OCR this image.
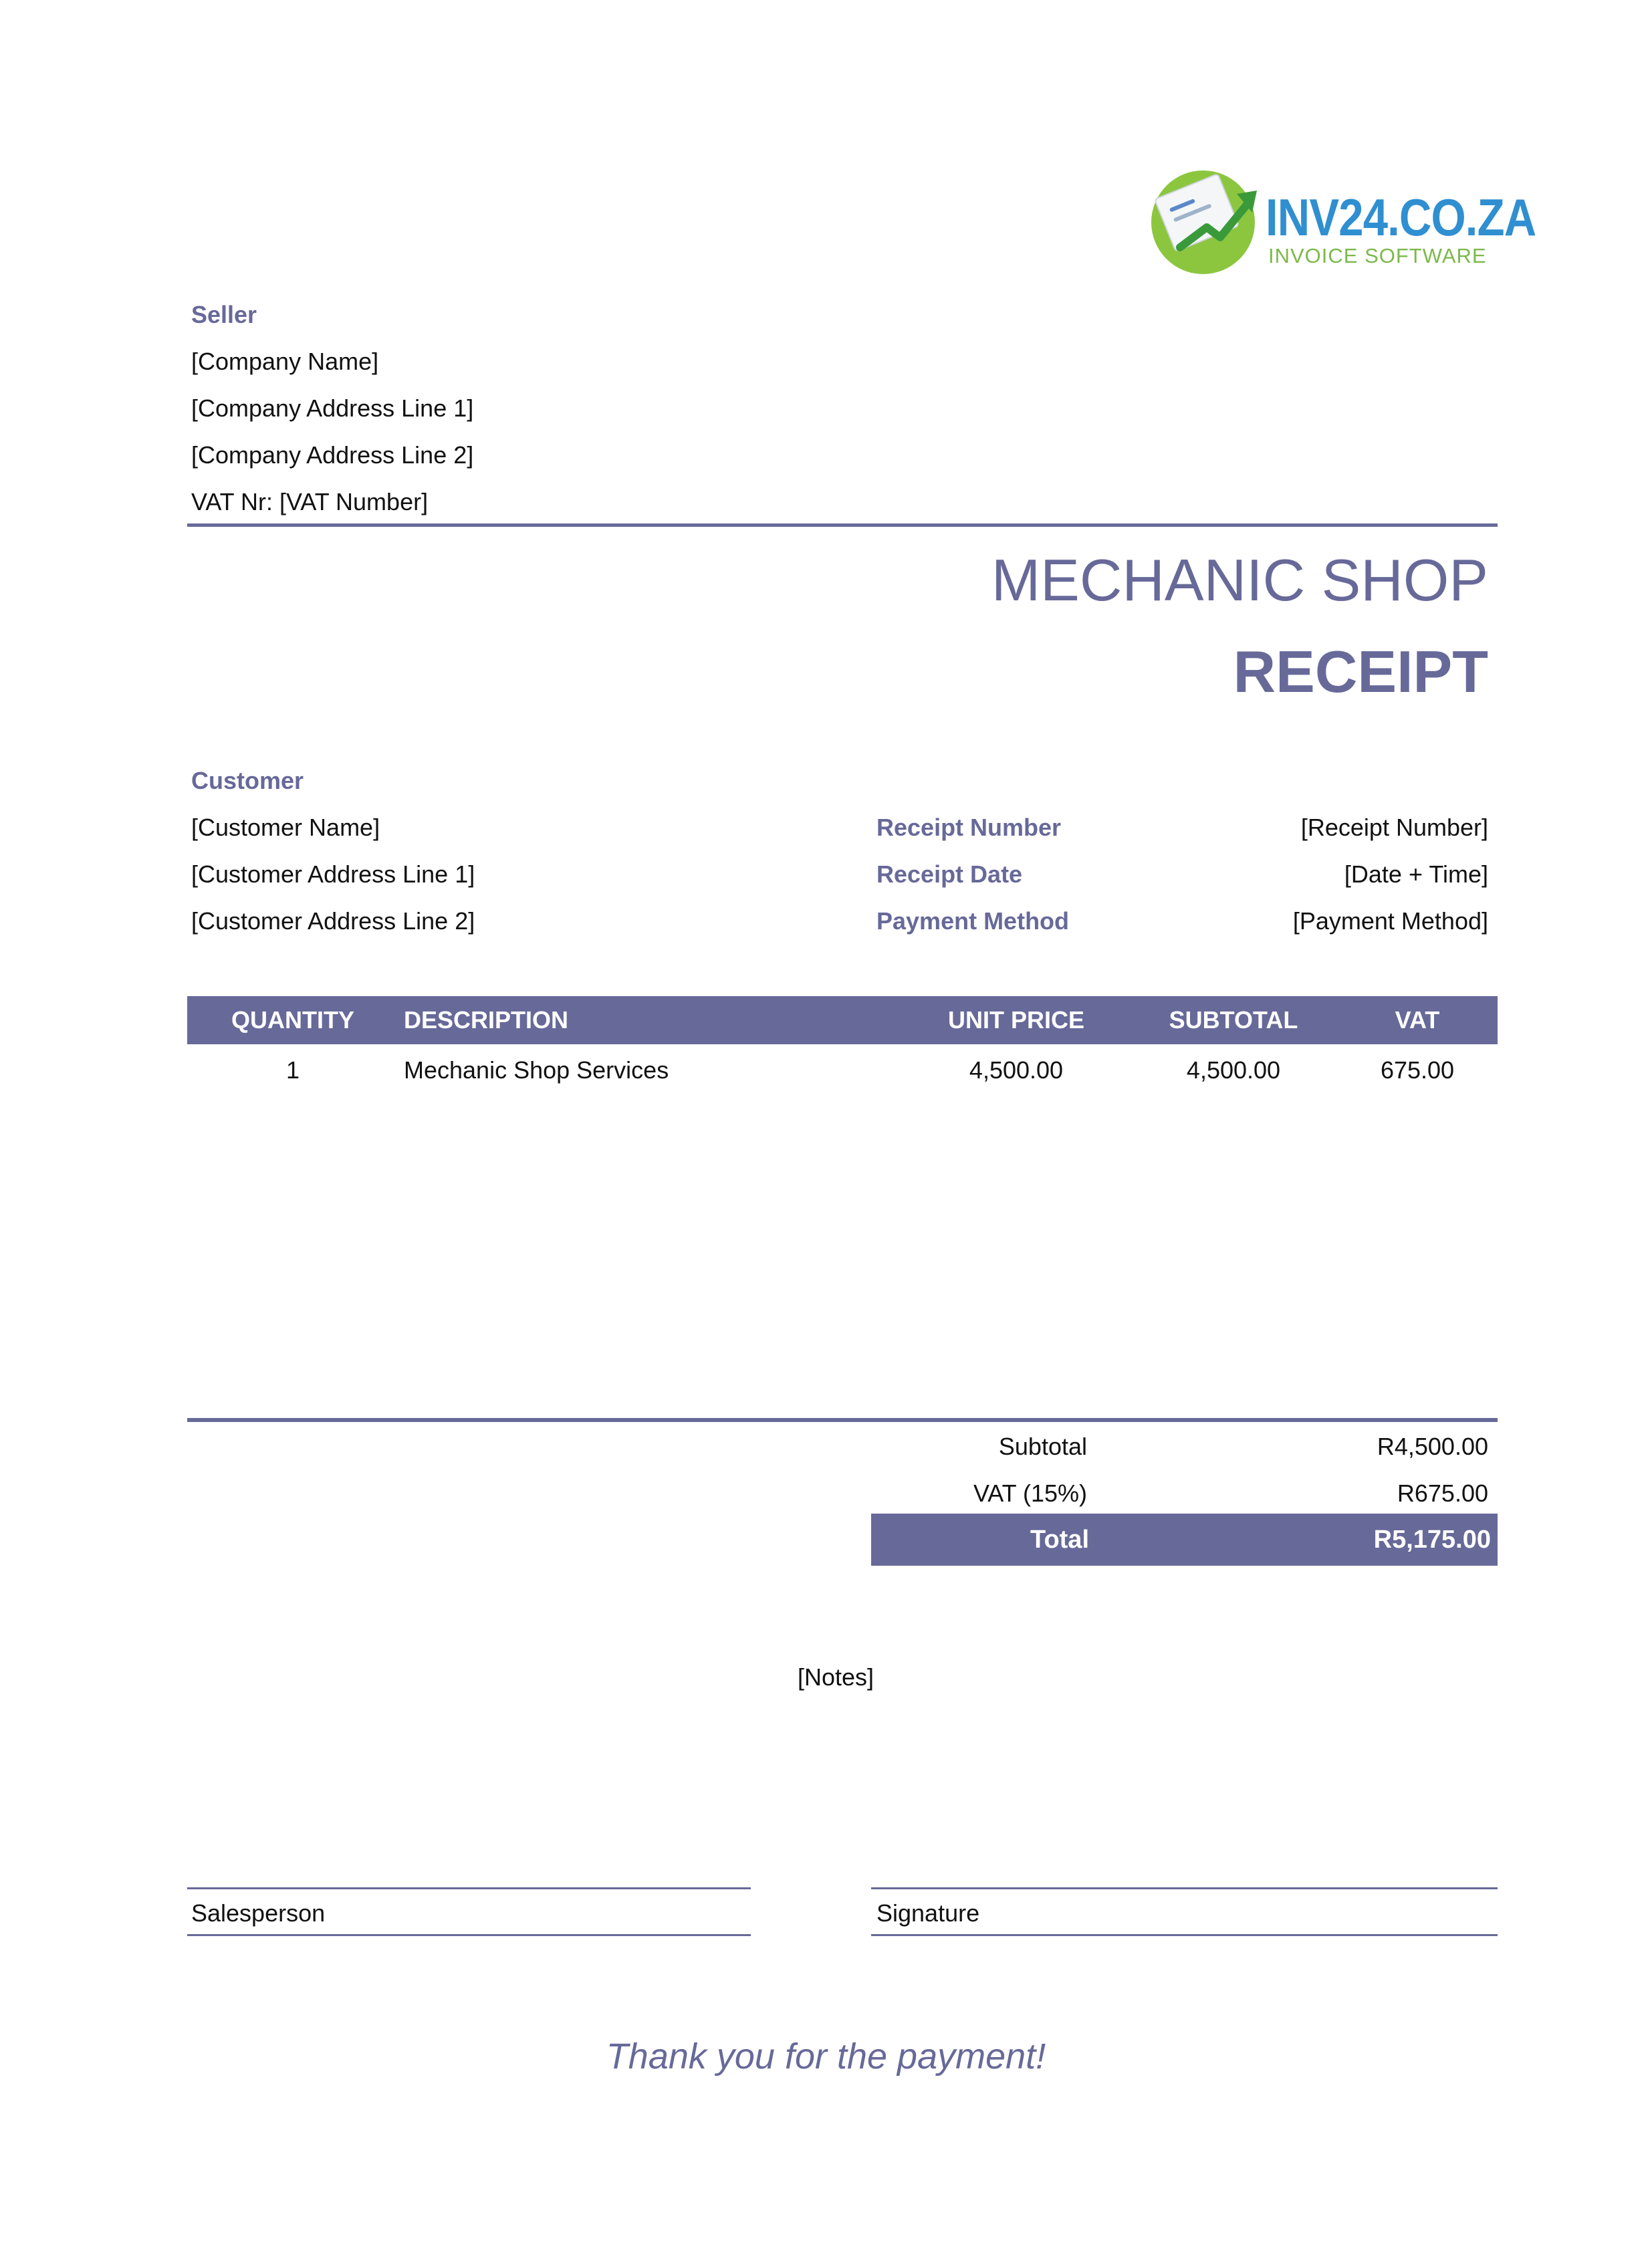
INV24.CO.ZA
INVOICE SOFTWARE
Seller
[Company Name]
[Company Address Line 1]
[Company Address Line 2]
VAT Nr: [VAT Number]
MECHANIC SHOP
RECEIPT
Customer
[Customer Name]
[Customer Address Line 1]
[Customer Address Line 2]
Receipt Number	[Receipt Number]
Receipt Date	[Date + Time]
Payment Method	[Payment Method]
QUANTITY	DESCRIPTION	UNIT PRICE	SUBTOTAL	VAT
1	Mechanic Shop Services	4,500.00	4,500.00	675.00
Subtotal	R4,500.00
VAT (15%)	R675.00
Total	R5,175.00
[Notes]
Salesperson	Signature
Thank you for the payment!
